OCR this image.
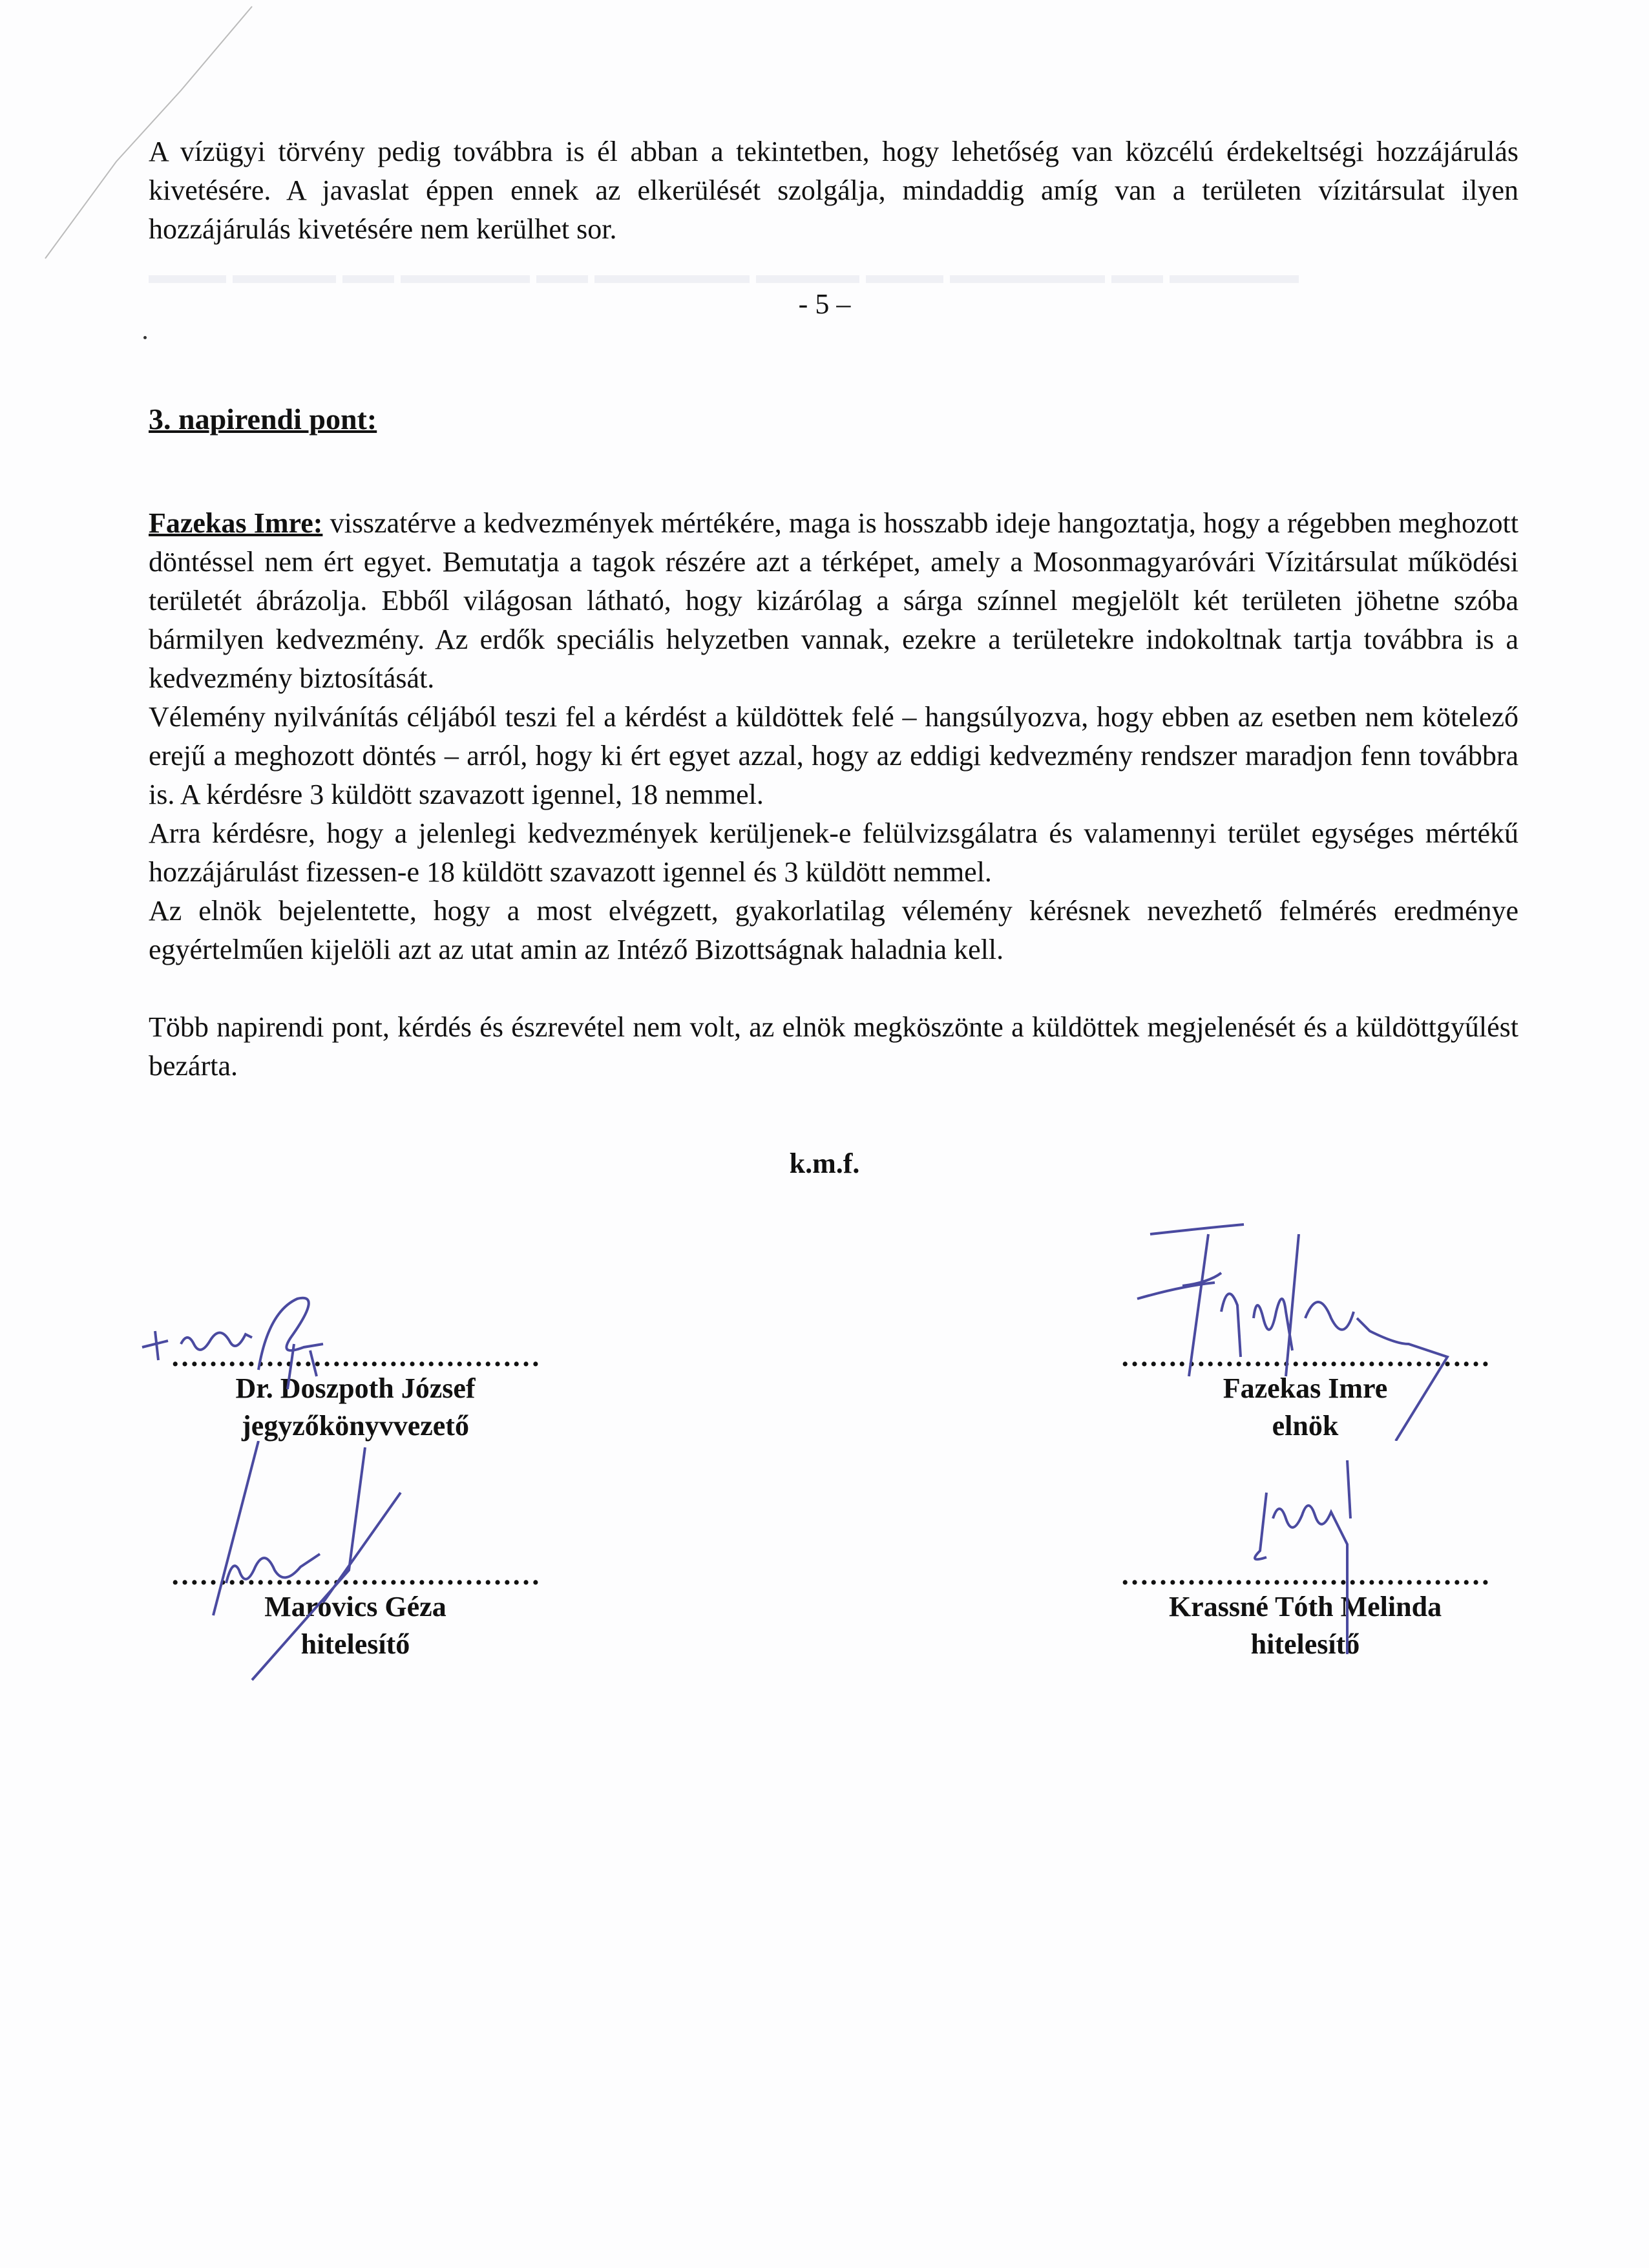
▬▬▬ ▬▬▬▬ ▬▬ ▬▬▬▬▬ ▬▬ ▬▬▬▬▬▬ ▬▬▬▬ ▬▬▬ ▬▬▬▬▬▬ ▬▬ ▬▬▬▬▬

A vízügyi törvény pedig továbbra is él abban a tekintetben, hogy lehetőség van közcélú érdekeltségi hozzájárulás kivetésére. A javaslat éppen ennek az elkerülését szolgálja, mindaddig amíg van a területen vízitársulat ilyen hozzájárulás kivetésére nem kerülhet sor.

- 5 –
3. napirendi pont:

Fazekas Imre: visszatérve a kedvezmények mértékére, maga is hosszabb ideje hangoztatja, hogy a régebben meghozott döntéssel nem ért egyet. Bemutatja a tagok részére azt a térképet, amely a Mosonmagyaróvári Vízitársulat működési területét ábrázolja. Ebből világosan látható, hogy kizárólag a sárga színnel megjelölt két területen jöhetne szóba bármilyen kedvezmény. Az erdők speciális helyzetben vannak, ezekre a területekre indokoltnak tartja továbbra is a kedvezmény biztosítását.

Vélemény nyilvánítás céljából teszi fel a kérdést a küldöttek felé – hangsúlyozva, hogy ebben az esetben nem kötelező erejű a meghozott döntés – arról, hogy ki ért egyet azzal, hogy az eddigi kedvezmény rendszer maradjon fenn továbbra is. A kérdésre 3 küldött szavazott igennel, 18 nemmel.

Arra kérdésre, hogy a jelenlegi kedvezmények kerüljenek-e felülvizsgálatra és valamennyi terület egységes mértékű hozzájárulást fizessen-e 18 küldött szavazott igennel és 3 küldött nemmel.

Az elnök bejelentette, hogy a most elvégzett, gyakorlatilag vélemény kérésnek nevezhető felmérés eredménye egyértelműen kijelöli azt az utat amin az Intéző Bizottságnak haladnia kell.

Több napirendi pont, kérdés és észrevétel nem volt, az elnök megköszönte a küldöttek megjelenését és a küldöttgyűlést bezárta.

k.m.f.
…………………………………
Dr. Doszpoth József
jegyzőkönyvvezető
…………………………………
Fazekas Imre
elnök
…………………………………
Marovics Géza
hitelesítő
…………………………………
Krassné Tóth Melinda
hitelesítő
